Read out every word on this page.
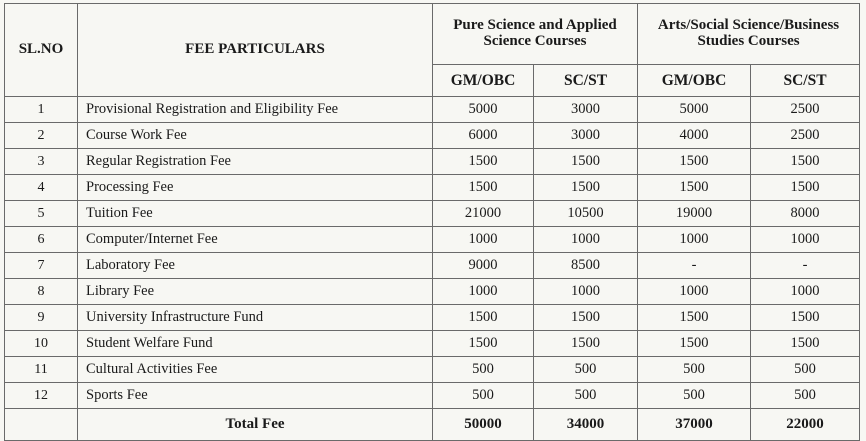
SL.NO	FEE PARTICULARS	Pure Science and Applied Science Courses		Arts/Social Science/Business Studies Courses	

		GM/OBC	SC/ST	GM/OBC	SC/ST
1	Provisional Registration and Eligibility Fee	5000	3000	5000	2500
2	Course Work Fee	6000	3000	4000	2500
3	Regular Registration Fee	1500	1500	1500	1500
4	Processing Fee	1500	1500	1500	1500
5	Tuition Fee	21000	10500	19000	8000
6	Computer/Internet Fee	1000	1000	1000	1000
7	Laboratory Fee	9000	8500	-	-
8	Library Fee	1000	1000	1000	1000
9	University Infrastructure Fund	1500	1500	1500	1500
10	Student Welfare Fund	1500	1500	1500	1500
11	Cultural Activities Fee	500	500	500	500
12	Sports Fee	500	500	500	500
	Total Fee	50000	34000	37000	22000
